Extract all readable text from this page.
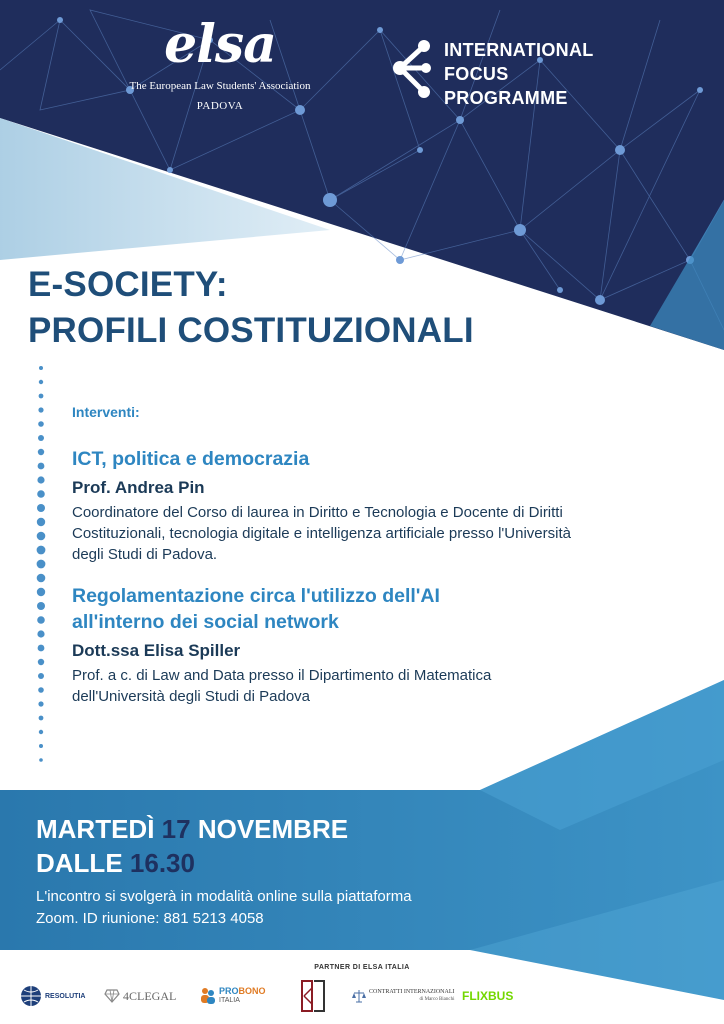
elsa
The European Law Students' Association
PADOVA
INTERNATIONAL
FOCUS
PROGRAMME
E-SOCIETY:
PROFILI COSTITUZIONALI
Interventi:
ICT, politica e democrazia
Prof. Andrea Pin
Coordinatore del Corso di laurea in Diritto e Tecnologia e Docente di Diritti Costituzionali, tecnologia digitale e intelligenza artificiale presso l'Università degli Studi di Padova.
Regolamentazione circa l'utilizzo dell'AI all'interno dei social network
Dott.ssa Elisa Spiller
Prof. a c. di Law and Data presso il Dipartimento di Matematica dell'Università degli Studi di Padova
MARTEDÌ 17 NOVEMBRE
DALLE 16.30
L'incontro si svolgerà in modalità online sulla piattaforma Zoom. ID riunione: 881 5213 4058
PARTNER DI ELSA ITALIA
RESOLUTIA	4CLEGAL	PROBONO
ITALIA
CONTRATTI INTERNAZIONALI
di Marco Bianchi FLIXBUS
